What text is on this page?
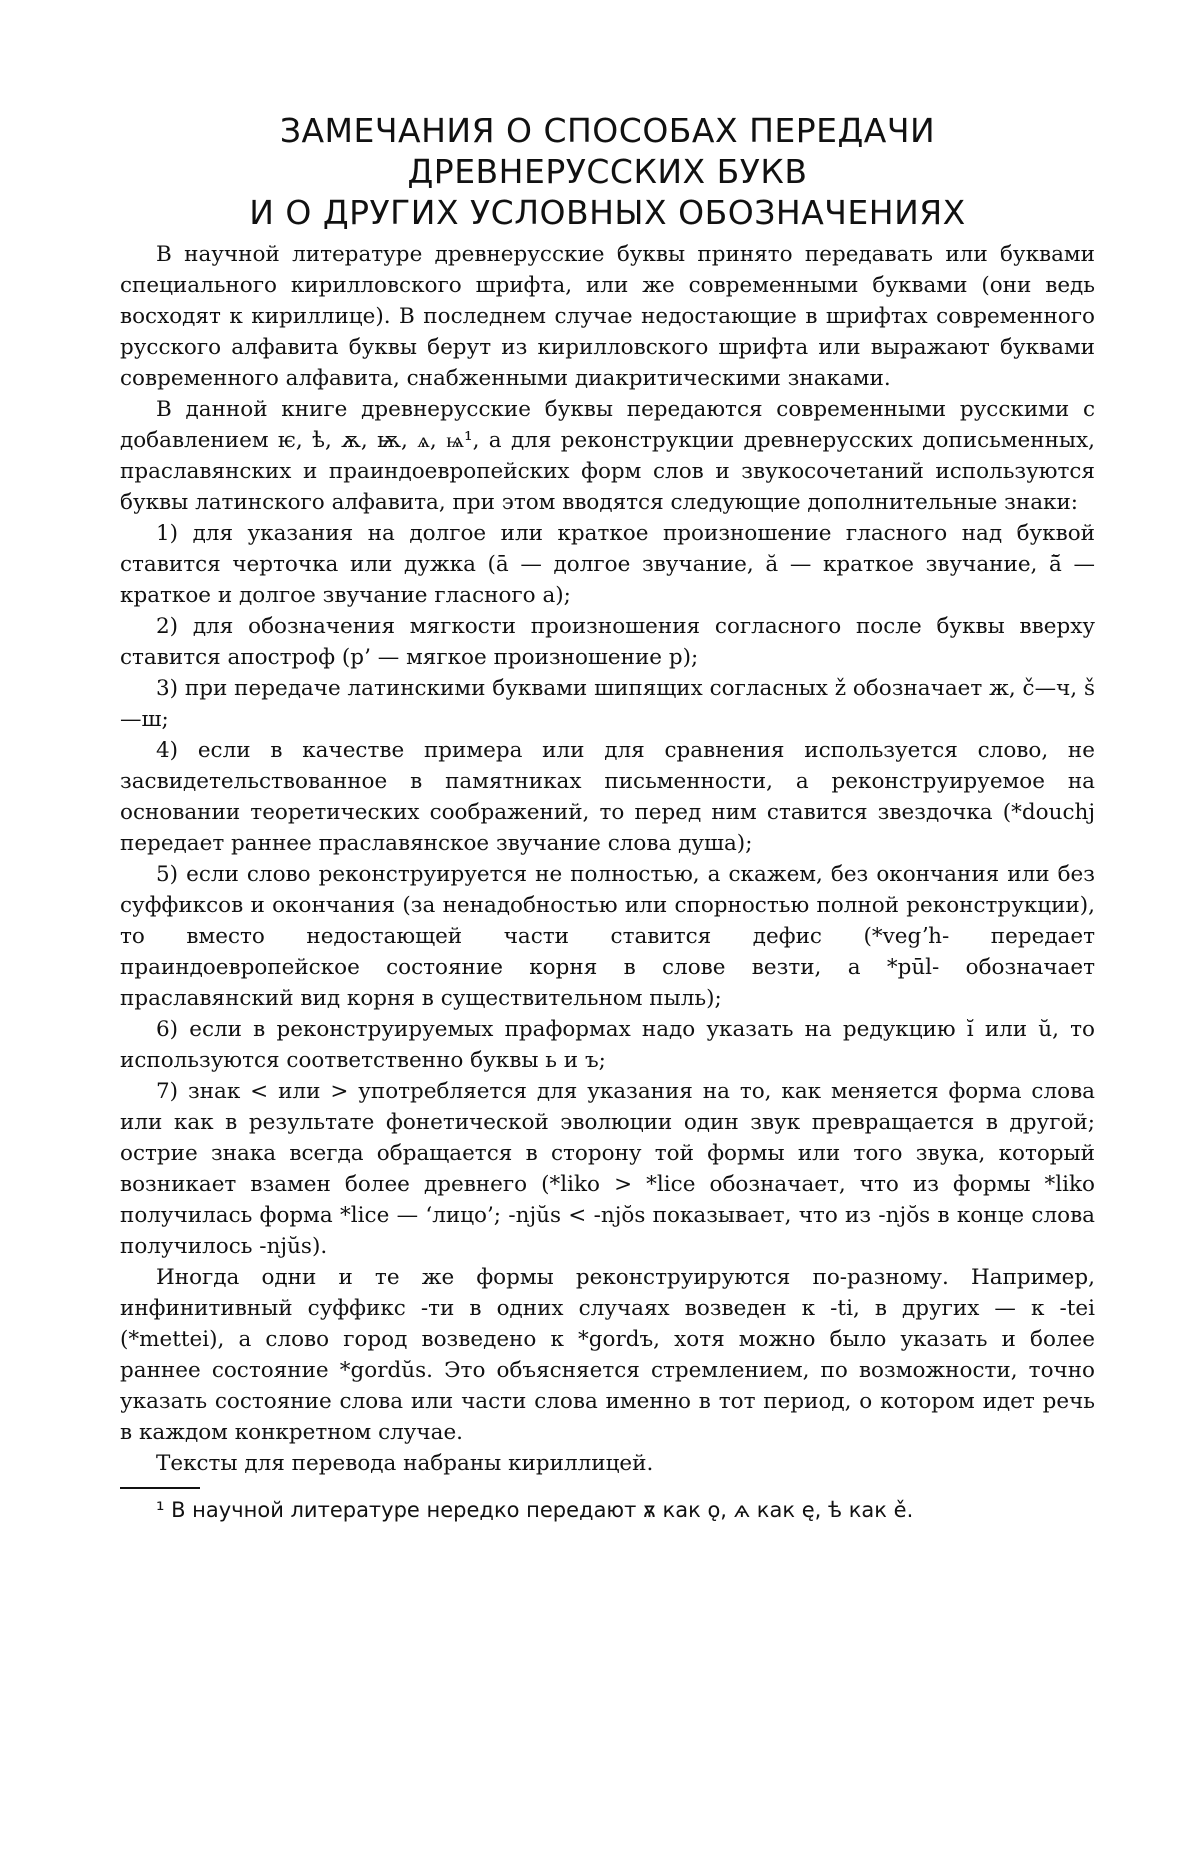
ЗАМЕЧАНИЯ О СПОСОБАХ ПЕРЕДАЧИ
ДРЕВНЕРУССКИХ БУКВ
И О ДРУГИХ УСЛОВНЫХ ОБОЗНАЧЕНИЯХ

В научной литературе древнерусские буквы принято передавать или буквами специального кирилловского шрифта, или же современными буквами (они ведь восходят к кириллице). В последнем случае недостающие в шрифтах современного русского алфавита буквы берут из кирилловского шрифта или выражают буквами современного алфавита, снабженными диакритическими знаками.

В данной книге древнерусские буквы передаются современными русскими с добавлением ѥ, ѣ, ѫ, ѭ, ѧ, ѩ¹, а для реконструкции древнерусских дописьменных, праславянских и праиндоевропейских форм слов и звукосочетаний используются буквы латинского алфавита, при этом вводятся следующие дополнительные знаки:

1) для указания на долгое или краткое произношение гласного над буквой ставится черточка или дужка (ā — долгое звучание, ă — краткое звучание, ā̆ — краткое и долгое звучание гласного а);

2) для обозначения мягкости произношения согласного после буквы вверху ставится апостроф (р’ — мягкое произношение р);

3) при передаче латинскими буквами шипящих согласных ž обозначает ж, č—ч, š—ш;

4) если в качестве примера или для сравнения используется слово, не засвидетельствованное в памятниках письменности, а реконструируемое на основании теоретических соображений, то перед ним ставится звездочка (*douchj передает раннее праславянское звучание слова душа);

5) если слово реконструируется не полностью, а скажем, без окончания или без суффиксов и окончания (за ненадобностью или спорностью полной реконструкции), то вместо недостающей части ставится дефис (*vegʼh- передает праиндоевропейское состояние корня в слове везти, а *pūl- обозначает праславянский вид корня в существительном пыль);

6) если в реконструируемых праформах надо указать на редукцию ĭ или ŭ, то используются соответственно буквы ь и ъ;

7) знак < или > употребляется для указания на то, как меняется форма слова или как в результате фонетической эволюции один звук превращается в другой; острие знака всегда обращается в сторону той формы или того звука, который возникает взамен более древнего (*liko > *lice обозначает, что из формы *liko получилась форма *lice — ‘лицо’; -njŭs < -njŏs показывает, что из -njŏs в конце слова получилось -njŭs).

Иногда одни и те же формы реконструируются по-разному. Например, инфинитивный суффикс -ти в одних случаях возведен к -ti, в других — к -tei (*mettei), а слово город возведено к *gordъ, хотя можно было указать и более раннее состояние *gordŭs. Это объясняется стремлением, по возможности, точно указать состояние слова или части слова именно в тот период, о котором идет речь в каждом конкретном случае.

Тексты для перевода набраны кириллицей.

¹ В научной литературе нередко передают ѫ как ǫ, ѧ как ę, ѣ как ě.
